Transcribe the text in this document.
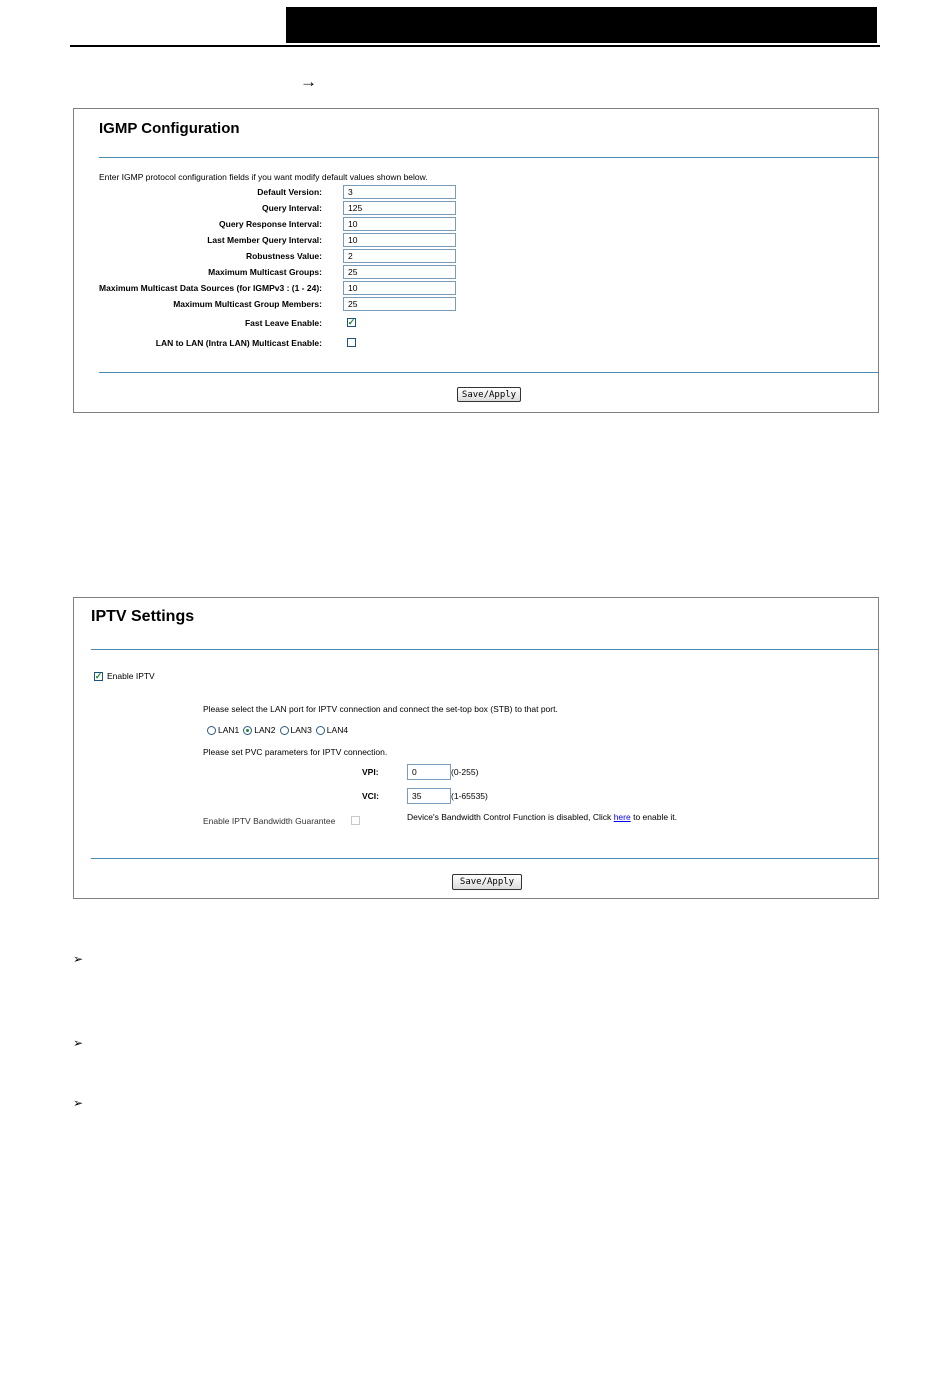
→
IGMP Configuration
Enter IGMP protocol configuration fields if you want modify default values shown below.
Default Version:
3
Query Interval:
125
Query Response Interval:
10
Last Member Query Interval:
10
Robustness Value:
2
Maximum Multicast Groups:
25
Maximum Multicast Data Sources (for IGMPv3 : (1 - 24):
10
Maximum Multicast Group Members:
25
Fast Leave Enable:	✓
LAN to LAN (Intra LAN) Multicast Enable:
Save/Apply
IPTV Settings
✓ Enable IPTV
Please select the LAN port for IPTV connection and connect the set-top box (STB) to that port.
LAN1 LAN2 LAN3 LAN4
Please set PVC parameters for IPTV connection.
VPI:
0	(0-255)
VCI:
35	(1-65535)
Enable IPTV Bandwidth Guarantee	Device's Bandwidth Control Function is disabled, Click here to enable it.
Save/Apply
➢
➢
➢
